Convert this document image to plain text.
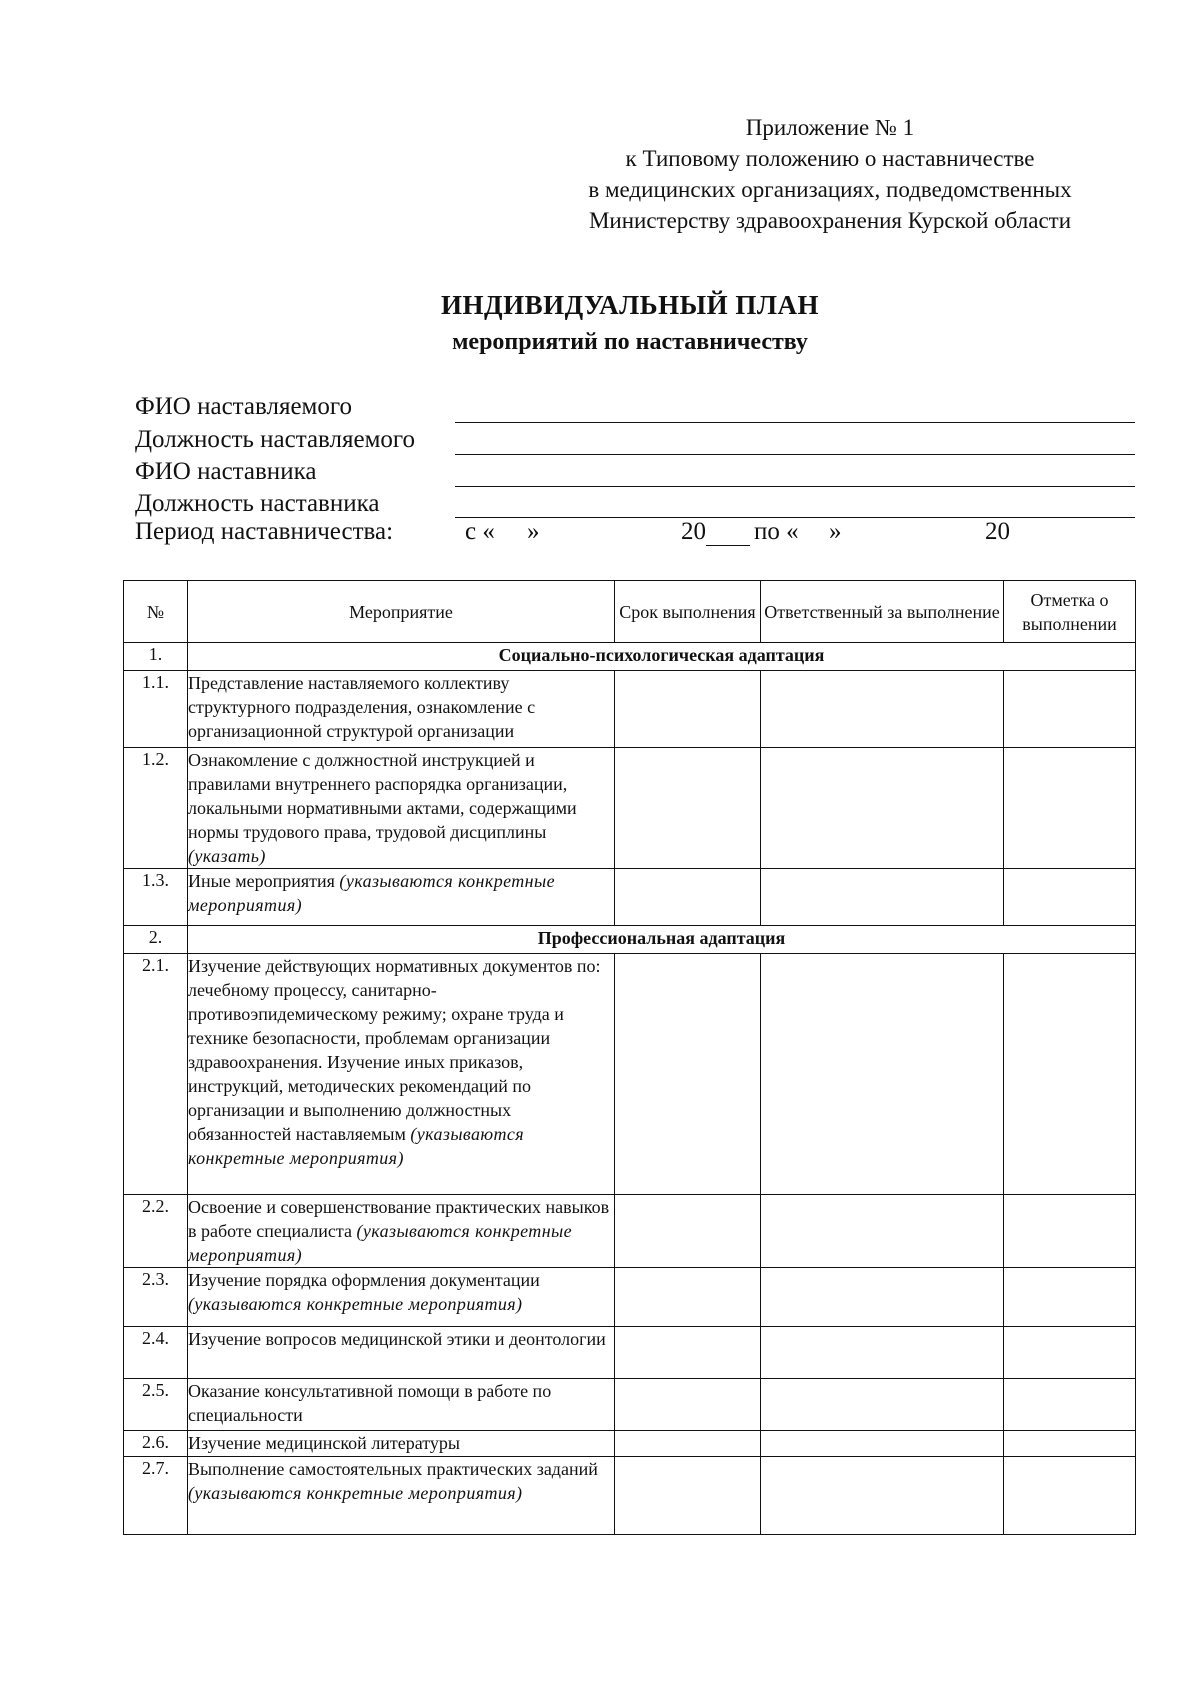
Приложение № 1
к Типовому положению о наставничестве
в медицинских организациях, подведомственных
Министерству здравоохранения Курской области
ИНДИВИДУАЛЬНЫЙ ПЛАН
мероприятий по наставничеству
ФИО наставляемого
Должность наставляемого
ФИО наставника
Должность наставника
Период наставничества:	с « »	20	по « »	20
№	Мероприятие	Срок выполнения	Ответственный за выполнение	Отметка о выполнении
1.	Социально-психологическая адаптация			
1.1.	Представление наставляемого коллективу структурного подразделения, ознакомление с организационной структурой организации			
1.2.	Ознакомление с должностной инструкцией и правилами внутреннего распорядка организации, локальными нормативными актами, содержащими нормы трудового права, трудовой дисциплины (указать)			
1.3.	Иные мероприятия (указываются конкретные мероприятия)			
2.	Профессиональная адаптация			
2.1.	Изучение действующих нормативных документов по: лечебному процессу, санитарно-противоэпидемическому режиму; охране труда и технике безопасности, проблемам организации здравоохранения. Изучение иных приказов, инструкций, методических рекомендаций по организации и выполнению должностных обязанностей наставляемым (указываются конкретные мероприятия)			
2.2.	Освоение и совершенствование практических навыков в работе специалиста (указываются конкретные мероприятия)			
2.3.	Изучение порядка оформления документации (указываются конкретные мероприятия)			
2.4.	Изучение вопросов медицинской этики и деонтологии			
2.5.	Оказание консультативной помощи в работе по специальности			
2.6.	Изучение медицинской литературы			
2.7.	Выполнение самостоятельных практических заданий (указываются конкретные мероприятия)			
